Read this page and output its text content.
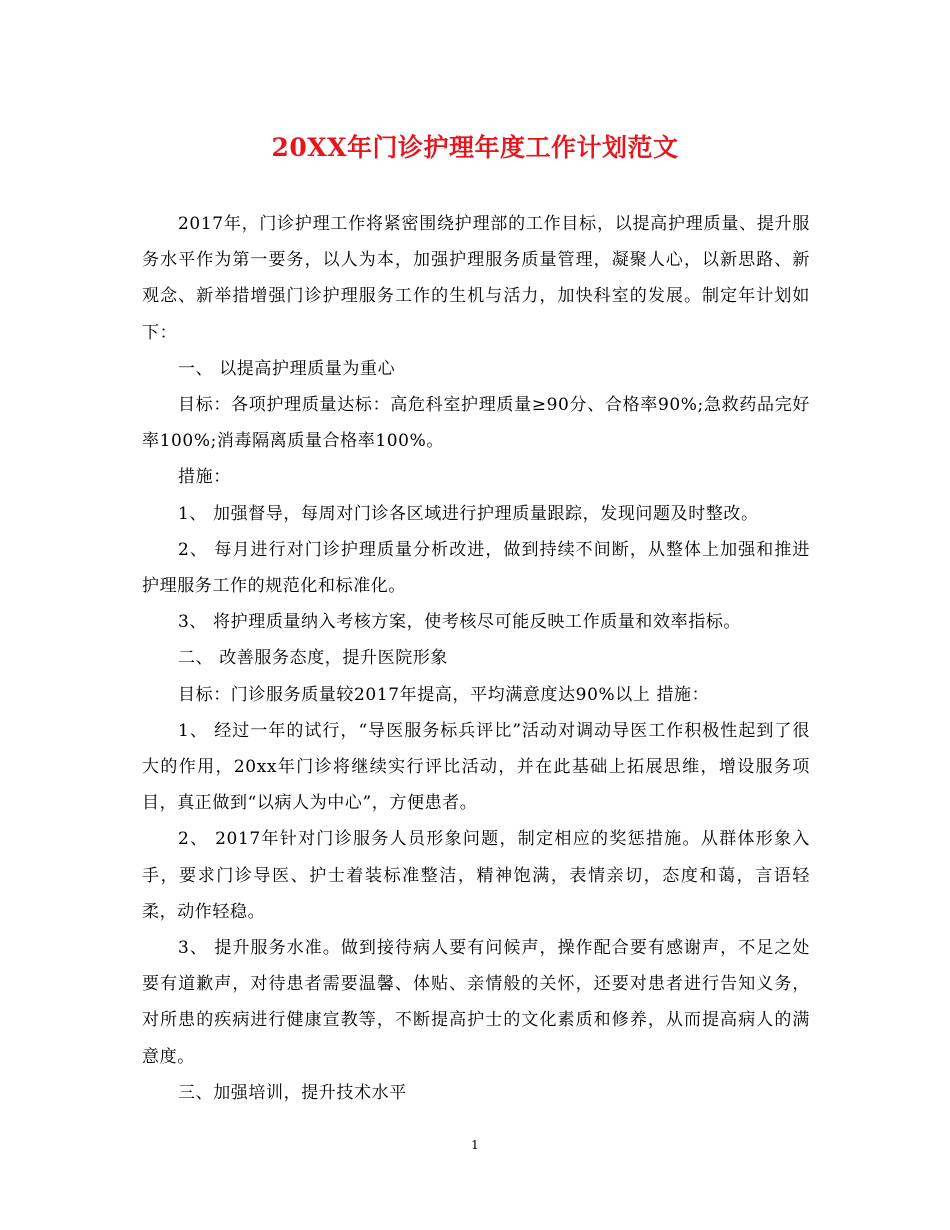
20XX年门诊护理年度工作计划范文

2017年，门诊护理工作将紧密围绕护理部的工作目标，以提高护理质量、提升服务水平作为第一要务，以人为本，加强护理服务质量管理，凝聚人心，以新思路、新观念、新举措增强门诊护理服务工作的生机与活力，加快科室的发展。制定年计划如下：

一、 以提高护理质量为重心

目标：各项护理质量达标：高危科室护理质量≥90分、合格率90%;急救药品完好率100%;消毒隔离质量合格率100%。

措施：

1、 加强督导，每周对门诊各区域进行护理质量跟踪，发现问题及时整改。

2、 每月进行对门诊护理质量分析改进，做到持续不间断，从整体上加强和推进护理服务工作的规范化和标准化。

3、 将护理质量纳入考核方案，使考核尽可能反映工作质量和效率指标。

二、 改善服务态度，提升医院形象

目标：门诊服务质量较2017年提高，平均满意度达90%以上 措施：

1、 经过一年的试行，“导医服务标兵评比”活动对调动导医工作积极性起到了很大的作用，20xx年门诊将继续实行评比活动，并在此基础上拓展思维，增设服务项目，真正做到“以病人为中心”，方便患者。

2、 2017年针对门诊服务人员形象问题，制定相应的奖惩措施。从群体形象入手，要求门诊导医、护士着装标准整洁，精神饱满，表情亲切，态度和蔼，言语轻柔，动作轻稳。

3、 提升服务水准。做到接待病人要有问候声，操作配合要有感谢声，不足之处要有道歉声，对待患者需要温馨、体贴、亲情般的关怀，还要对患者进行告知义务，对所患的疾病进行健康宣教等，不断提高护士的文化素质和修养，从而提高病人的满意度。

三、加强培训，提升技术水平

1
